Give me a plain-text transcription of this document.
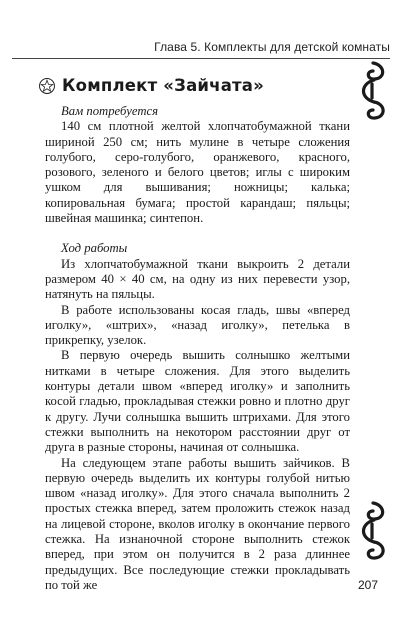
Глава 5. Комплекты для детской комнаты
Комплект «Зайчата»

Вам потребуется

140 см плотной желтой хлопчатобумажной ткани шириной 250 см; нить мулине в четыре сложения голубого, серо-голубого, оранжевого, красного, розового, зеленого и белого цветов; иглы с широким ушком для вышивания; ножницы; калька; копировальная бумага; простой карандаш; пяльцы; швейная машинка; синтепон.

Ход работы

Из хлопчатобумажной ткани выкроить 2 детали размером 40 × 40 см, на одну из них перевести узор, натянуть на пяльцы.

В работе использованы косая гладь, швы «вперед иголку», «штрих», «назад иголку», петелька в прикрепку, узелок.

В первую очередь вышить солнышко желтыми нитками в четыре сложения. Для этого выделить контуры детали швом «вперед иголку» и заполнить косой гладью, прокладывая стежки ровно и плотно друг к другу. Лучи солнышка вышить штрихами. Для этого стежки выполнить на некотором расстоянии друг от друга в разные стороны, начиная от солнышка.

На следующем этапе работы вышить зайчиков. В первую очередь выделить их контуры голубой нитью швом «назад иголку». Для этого сначала выполнить 2 простых стежка вперед, затем проложить стежок назад на лицевой стороне, вколов иголку в окончание первого стежка. На изнаночной стороне выполнить стежок вперед, при этом он получится в 2 раза длиннее предыдущих. Все последующие стежки прокладывать по той же	207
